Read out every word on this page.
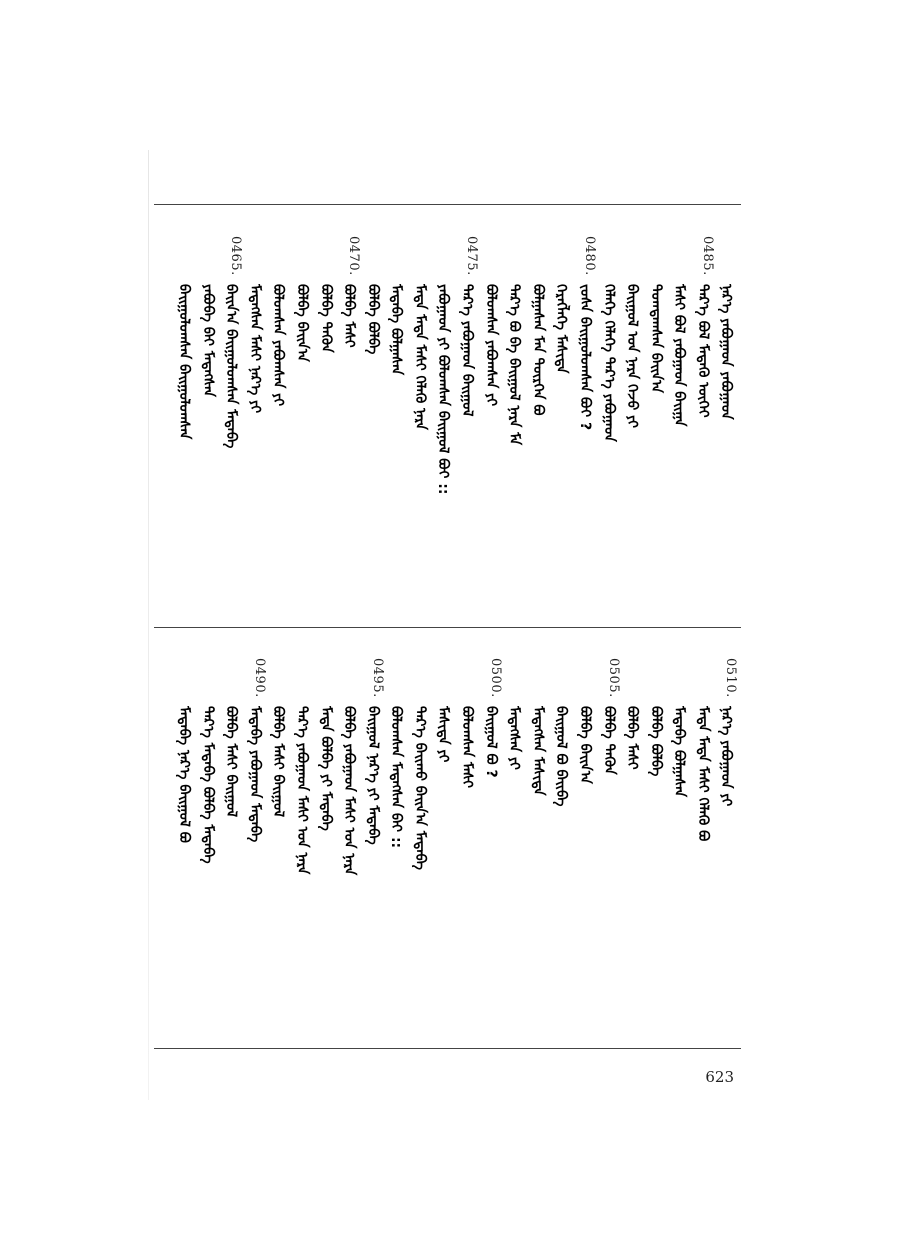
ᠨᠡᠷ᠎ᠡ ᠶᠠᠪᠤᠭᠠᠳ ᠶᠠᠪᠤᠭᠠᠳ
0485.
ᠲᠡᠷ᠎ᠡ ᠪᠣᠯ ᠮᠡᠳᠡᠬᠦ ᠦᠭᠡᠢ
ᠮᠠᠰᠢ ᠪᠣᠯ ᠶᠠᠪᠤᠭᠠᠳ ᠪᠠᠢᠭᠠ
ᠲᠣᠭᠲᠠᠭᠰᠠᠨ ᠪᠠᠢᠨ᠎ᠠ
ᠪᠠᠢᠭᠤᠯ ᠤᠨ ᠨᠠᠷᠠ ᠭᠡᠵᠦ ᠶᠢ
ᠬᠡᠯᠡᠭᠡ ᠬᠡᠯᠡᠭᠡ ᠲᠡᠷ᠎ᠡ ᠶᠠᠪᠤᠭᠠᠳ
0480.
ᠵᠤᠰᠠ ᠪᠠᠢᠭᠤᠯᠤᠭᠰᠠᠨ ᠪᠤᠢ ?
ᠬᠡᠷᠡᠭᠯᠡᠭᠡ ᠮᠠᠰᠢᠳᠠ
ᠪᠣᠯᠭᠠᠰᠠᠨ ᠮᠠᠨ ᠲᠦᠷᠭᠡᠨ ᠪᠣ
ᠲᠡᠷ᠎ᠡ ᠪᠣ ᠪᠠ ᠪᠠᠢᠭᠤᠯ ᠨᠠᠷᠠ ᠮᠠ
ᠪᠣᠯᠣᠭᠰᠠᠨ ᠶᠠᠪᠤᠭᠰᠠᠨ ᠶᠢ
0475.
ᠲᠡᠷ᠎ᠡ ᠶᠠᠪᠤᠭᠠᠳ ᠪᠠᠢᠭᠤᠯ
ᠶᠠᠪᠤᠭᠠᠳ ᠶᠢ ᠪᠣᠯᠣᠭᠰᠠᠨ ᠪᠠᠢᠭᠤᠯ ᠪᠤᠢ ::
ᠮᠡᠳᠡ ᠮᠡᠳᠡ ᠮᠠᠰᠢ ᠬᠡᠯᠡᠭᠦ ᠨᠠᠷᠠ
ᠮᠡᠳᠡᠪᠡ ᠪᠣᠯᠭᠠᠰᠠᠨ
ᠪᠣᠯᠪᠠ ᠪᠣᠯᠪᠠ
0470.
ᠪᠣᠯᠪᠠ ᠮᠠᠰᠢ
ᠪᠣᠯᠪᠠ ᠲᠡᠭᠦᠨ
ᠪᠣᠯᠪᠠ ᠪᠠᠢᠨ᠎ᠠ
ᠪᠣᠯᠣᠭᠰᠠᠨ ᠶᠠᠪᠤᠭᠰᠠᠨ ᠶᠢ
ᠮᠡᠳᠡᠭᠰᠡᠨ ᠮᠠᠰᠢ ᠨᠡᠷ᠎ᠡ ᠶᠢ
0465.
ᠪᠠᠢᠨ᠎ᠠ ᠪᠠᠢᠭᠤᠯᠤᠭᠰᠠᠨ ᠮᠡᠳᠡᠪᠡ
ᠶᠠᠪᠤᠪᠠ ᠪᠠᠢ ᠮᠡᠳᠡᠭᠰᠡᠨ
ᠪᠠᠢᠭᠤᠯᠤᠭᠰᠠᠨ ᠪᠠᠢᠭᠤᠯᠤᠭᠰᠠᠨ
0510.
ᠨᠡᠷ᠎ᠡ ᠶᠠᠪᠤᠭᠠᠳ ᠶᠢ
ᠮᠡᠳᠡ ᠮᠡᠳᠡ ᠮᠠᠰᠢ ᠬᠡᠯᠡᠭᠦ ᠪᠣ
ᠮᠡᠳᠡᠪᠡ ᠪᠣᠯᠭᠠᠰᠠᠨ
ᠪᠣᠯᠪᠠ ᠪᠣᠯᠪᠠ
ᠪᠣᠯᠪᠠ ᠮᠠᠰᠢ
0505.
ᠪᠣᠯᠪᠠ ᠲᠡᠭᠦᠨ
ᠪᠣᠯᠪᠠ ᠪᠠᠢᠨ᠎ᠠ
ᠪᠠᠢᠭᠤᠯ ᠪᠣ ᠪᠠᠢᠪᠠ
ᠮᠡᠳᠡᠭᠰᠡᠨ ᠮᠠᠰᠢᠳᠠ
ᠮᠡᠳᠡᠭᠰᠡᠨ ᠶᠢ
0500.
ᠪᠠᠢᠭᠤᠯ ᠪᠣ ?
ᠪᠣᠯᠣᠭᠰᠠᠨ ᠮᠠᠰᠢ
ᠮᠠᠰᠢᠳᠠ ᠶᠢ
ᠲᠡᠷ᠎ᠡ ᠪᠠᠢᠬᠤ ᠪᠠᠢᠨ᠎ᠠ ᠮᠡᠳᠡᠪᠡ
ᠪᠣᠯᠣᠭᠰᠠᠨ ᠮᠡᠳᠡᠭᠰᠡᠨ ᠪᠠᠢ ::
0495.
ᠪᠠᠢᠭᠤᠯ ᠨᠡᠷ᠎ᠡ ᠶᠢ ᠮᠡᠳᠡᠪᠡ
ᠪᠣᠯᠪᠠ ᠶᠠᠪᠤᠭᠠᠳ ᠮᠠᠰᠢ ᠤᠨ ᠨᠠᠷᠠ
ᠮᠡᠳᠡ ᠪᠣᠯᠪᠠ ᠶᠢ ᠮᠡᠳᠡᠪᠡ
ᠲᠡᠷ᠎ᠡ ᠶᠠᠪᠤᠭᠠᠳ ᠮᠠᠰᠢ ᠤᠨ ᠨᠠᠷᠠ
ᠪᠣᠯᠪᠠ ᠮᠠᠰᠢ ᠪᠠᠢᠭᠤᠯ
0490.
ᠮᠡᠳᠡᠪᠡ ᠶᠠᠪᠤᠭᠠᠳ ᠮᠡᠳᠡᠪᠡ
ᠪᠣᠯᠪᠠ ᠮᠠᠰᠢ ᠪᠠᠢᠭᠤᠯ
ᠲᠡᠷ᠎ᠡ ᠮᠡᠳᠡᠪᠡ ᠪᠣᠯᠪᠠ ᠮᠡᠳᠡᠪᠡ
ᠮᠡᠳᠡᠪᠡ ᠨᠡᠷ᠎ᠡ ᠪᠠᠢᠭᠤᠯ ᠪᠣ
623
